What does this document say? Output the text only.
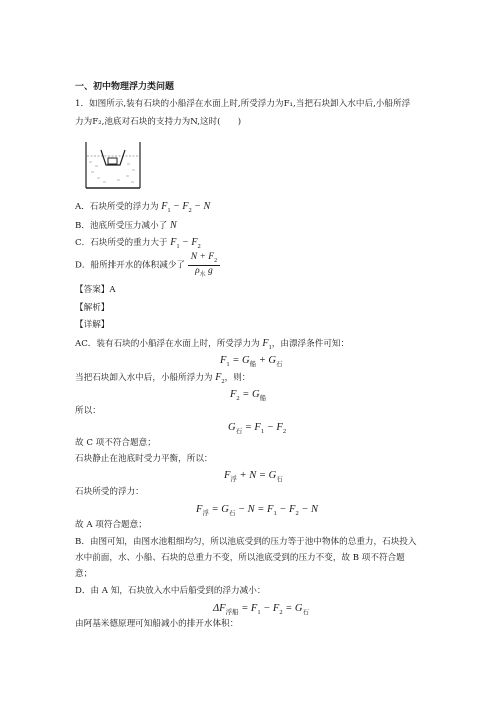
一、初中物理浮力类问题
1．如图所示,装有石块的小船浮在水面上时,所受浮力为F₁,当把石块卸入水中后,小船所浮
力为F₂,池底对石块的支持力为N,这时(　　)
A．石块所受的浮力为 $F_1 - F_2 - N$
B．池底所受压力减小了 N
C．石块所受的重力大于 $F_1 - F_2$
D．船所排开水的体积减少了 $\frac{N + F_2}{\rho_水 g}$
【答案】A
【解析】
【详解】
AC．装有石块的小船浮在水面上时，所受浮力为 $F_1$，由漂浮条件可知：
$F_1 = G_船 + G_石$
当把石块卸入水中后，小船所浮力为 $F_2$，则：
$F_2 = G_船$
所以：
$G_石 = F_1 - F_2$
故 C 项不符合题意；
石块静止在池底时受力平衡，所以：
$F_浮 + N = G_石$
石块所受的浮力：
$F_浮 = G_石 - N = F_1 - F_2 - N$
故 A 项符合题意；
B．由图可知，由图水池粗细均匀，所以池底受到的压力等于池中物体的总重力，石块投入
水中前面，水、小船、石块的总重力不变，所以池底受到的压力不变，故 B 项不符合题
意；
D．由 A 知，石块放入水中后船受到的浮力减小：
$\Delta F_{浮船} = F_1 - F_2 = G_石$
由阿基米德原理可知船减小的排开水体积：
